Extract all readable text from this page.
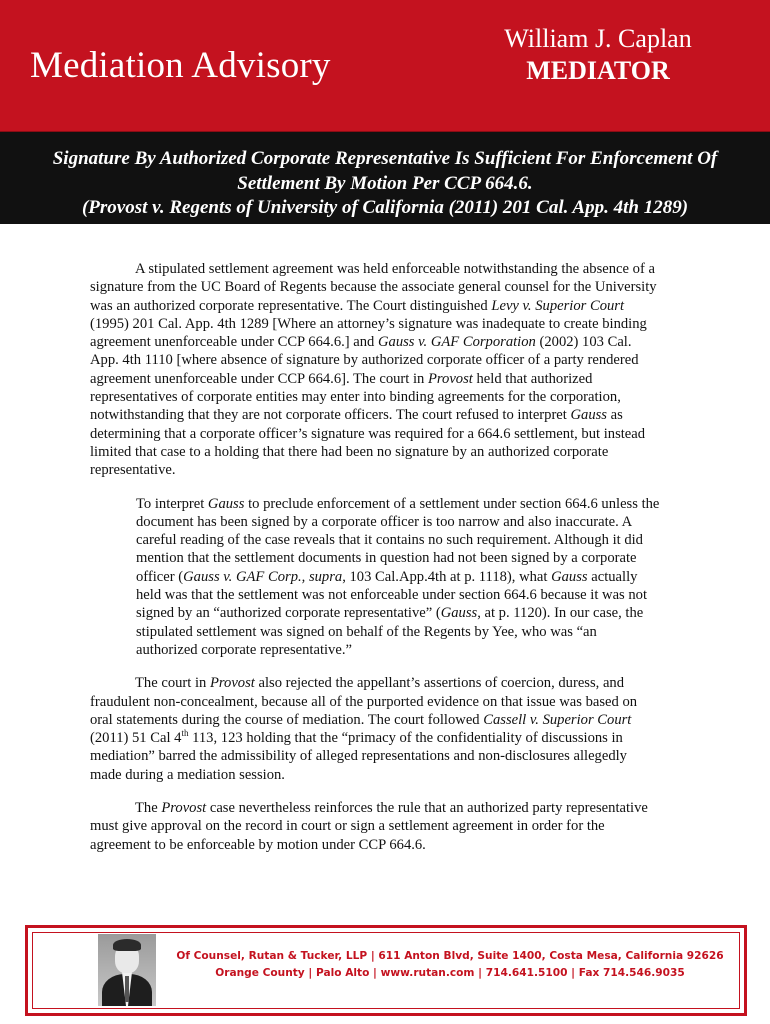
Mediation Advisory
William J. Caplan
MEDIATOR
Signature By Authorized Corporate Representative Is Sufficient For Enforcement Of
Settlement By Motion Per CCP 664.6.
(Provost v. Regents of University of California (2011) 201 Cal. App. 4th 1289)
A stipulated settlement agreement was held enforceable notwithstanding the absence of a
signature from the UC Board of Regents because the associate general counsel for the University
was an authorized corporate representative. The Court distinguished Levy v. Superior Court
(1995) 201 Cal. App. 4th 1289 [Where an attorney’s signature was inadequate to create binding
agreement unenforceable under CCP 664.6.] and Gauss v. GAF Corporation (2002) 103 Cal.
App. 4th 1110 [where absence of signature by authorized corporate officer of a party rendered
agreement unenforceable under CCP 664.6]. The court in Provost held that authorized
representatives of corporate entities may enter into binding agreements for the corporation,
notwithstanding that they are not corporate officers. The court refused to interpret Gauss as
determining that a corporate officer’s signature was required for a 664.6 settlement, but instead
limited that case to a holding that there had been no signature by an authorized corporate
representative.
To interpret Gauss to preclude enforcement of a settlement under section 664.6 unless the
document has been signed by a corporate officer is too narrow and also inaccurate. A
careful reading of the case reveals that it contains no such requirement. Although it did
mention that the settlement documents in question had not been signed by a corporate
officer (Gauss v. GAF Corp., supra, 103 Cal.App.4th at p. 1118), what Gauss actually
held was that the settlement was not enforceable under section 664.6 because it was not
signed by an “authorized corporate representative” (Gauss, at p. 1120). In our case, the
stipulated settlement was signed on behalf of the Regents by Yee, who was “an
authorized corporate representative.”
The court in Provost also rejected the appellant’s assertions of coercion, duress, and
fraudulent non-concealment, because all of the purported evidence on that issue was based on
oral statements during the course of mediation. The court followed Cassell v. Superior Court
(2011) 51 Cal 4th 113, 123 holding that the “primacy of the confidentiality of discussions in
mediation” barred the admissibility of alleged representations and non-disclosures allegedly
made during a mediation session.
The Provost case nevertheless reinforces the rule that an authorized party representative
must give approval on the record in court or sign a settlement agreement in order for the
agreement to be enforceable by motion under CCP 664.6.
Of Counsel, Rutan & Tucker, LLP | 611 Anton Blvd, Suite 1400, Costa Mesa, California 92626
Orange County | Palo Alto | www.rutan.com | 714.641.5100 | Fax 714.546.9035
